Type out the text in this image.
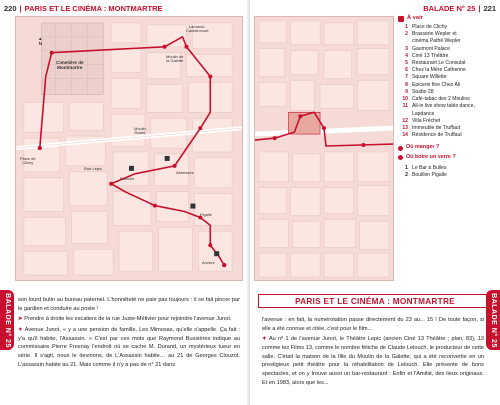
220 | PARIS ET LE CINÉMA : MONTMARTRE
▲
N
Cimetière de
Montmartre
Moulin de
la Galette
Moulin
Radet
Lamarck-
Caulaincourt
Rue Lepic
Blanche
Abbesses
Pigalle
Place de
Clichy
Anvers

son lourd butin au bureau paternel. L'honnêteté ne paie pas toujours : il se fait pincer par le gardien et conduire au poste !

➤ Prendre à droite les escaliers de la rue Juste-Métivier pour rejoindre l'avenue Junot.

✦ Avenue Junot, « y a une pension de famille. Les Mimosas, qu'elle s'appelle. Ça fait : y'a qu'il habite, l'Assassin. » C'est par ces mots que Raymond Bussières indique au commissaire Pierre Fresnay l'endroit où se cache M. Durand, un mystérieux tueur en série. Il s'agit, nous le devinons, de L'Assassin habite… au 21 de Georges Clouzot. L'assassin habite au 21. Mais comme il n'y a pas de n° 21 dans

BALADE N° 25
BALADE N° 25 | 221
À voir
1 Place de Clichy
2 Brasserie Wepler et
cinéma Pathé Wepler
3 Gaumont Palace
4 Ciné 13 Théâtre
5 Restaurant Le Consulat
6 Chez la Mère Catherine
7 Square Willette
8 Épicerie fine Chez Ali
9 Studio 28
10 Café-tabac des 2 Moulins
11 All-in live show table dance,
Lapdance
12 Villa Fréchet
13 Immeuble de Truffaut
14 Résidence de Truffaut
Où manger ?
Où boire un verre ?
1 Le Bar à Bulles
2 Bouillon Pigalle
PARIS ET LE CINÉMA : MONTMARTRE	BALADE N° 25

l'avenue : en fait, la numérotation passe directement du 23 au... 15 ! De toute façon, si elle a été connue et citée, c'est pour le film...

✦ Au nº 1 de l'avenue Junot, le Théâtre Lepic (ancien Ciné 13 Théâtre ; plan, 83), 13 comme les Films 13, comme le nombre fétiche de Claude Lelouch, le producteur de cette salle. C'était la maison de la fille du Moulin de la Galette, qui a été reconvertie en un prestigieux petit théâtre pour la réhabilitation de Lelouch. Elle présente de bons spectacles, et on y trouve aussi un bar-restaurant : Enfin et l'Amitié, des lieux originaux. Et en 1983, alors que les...
